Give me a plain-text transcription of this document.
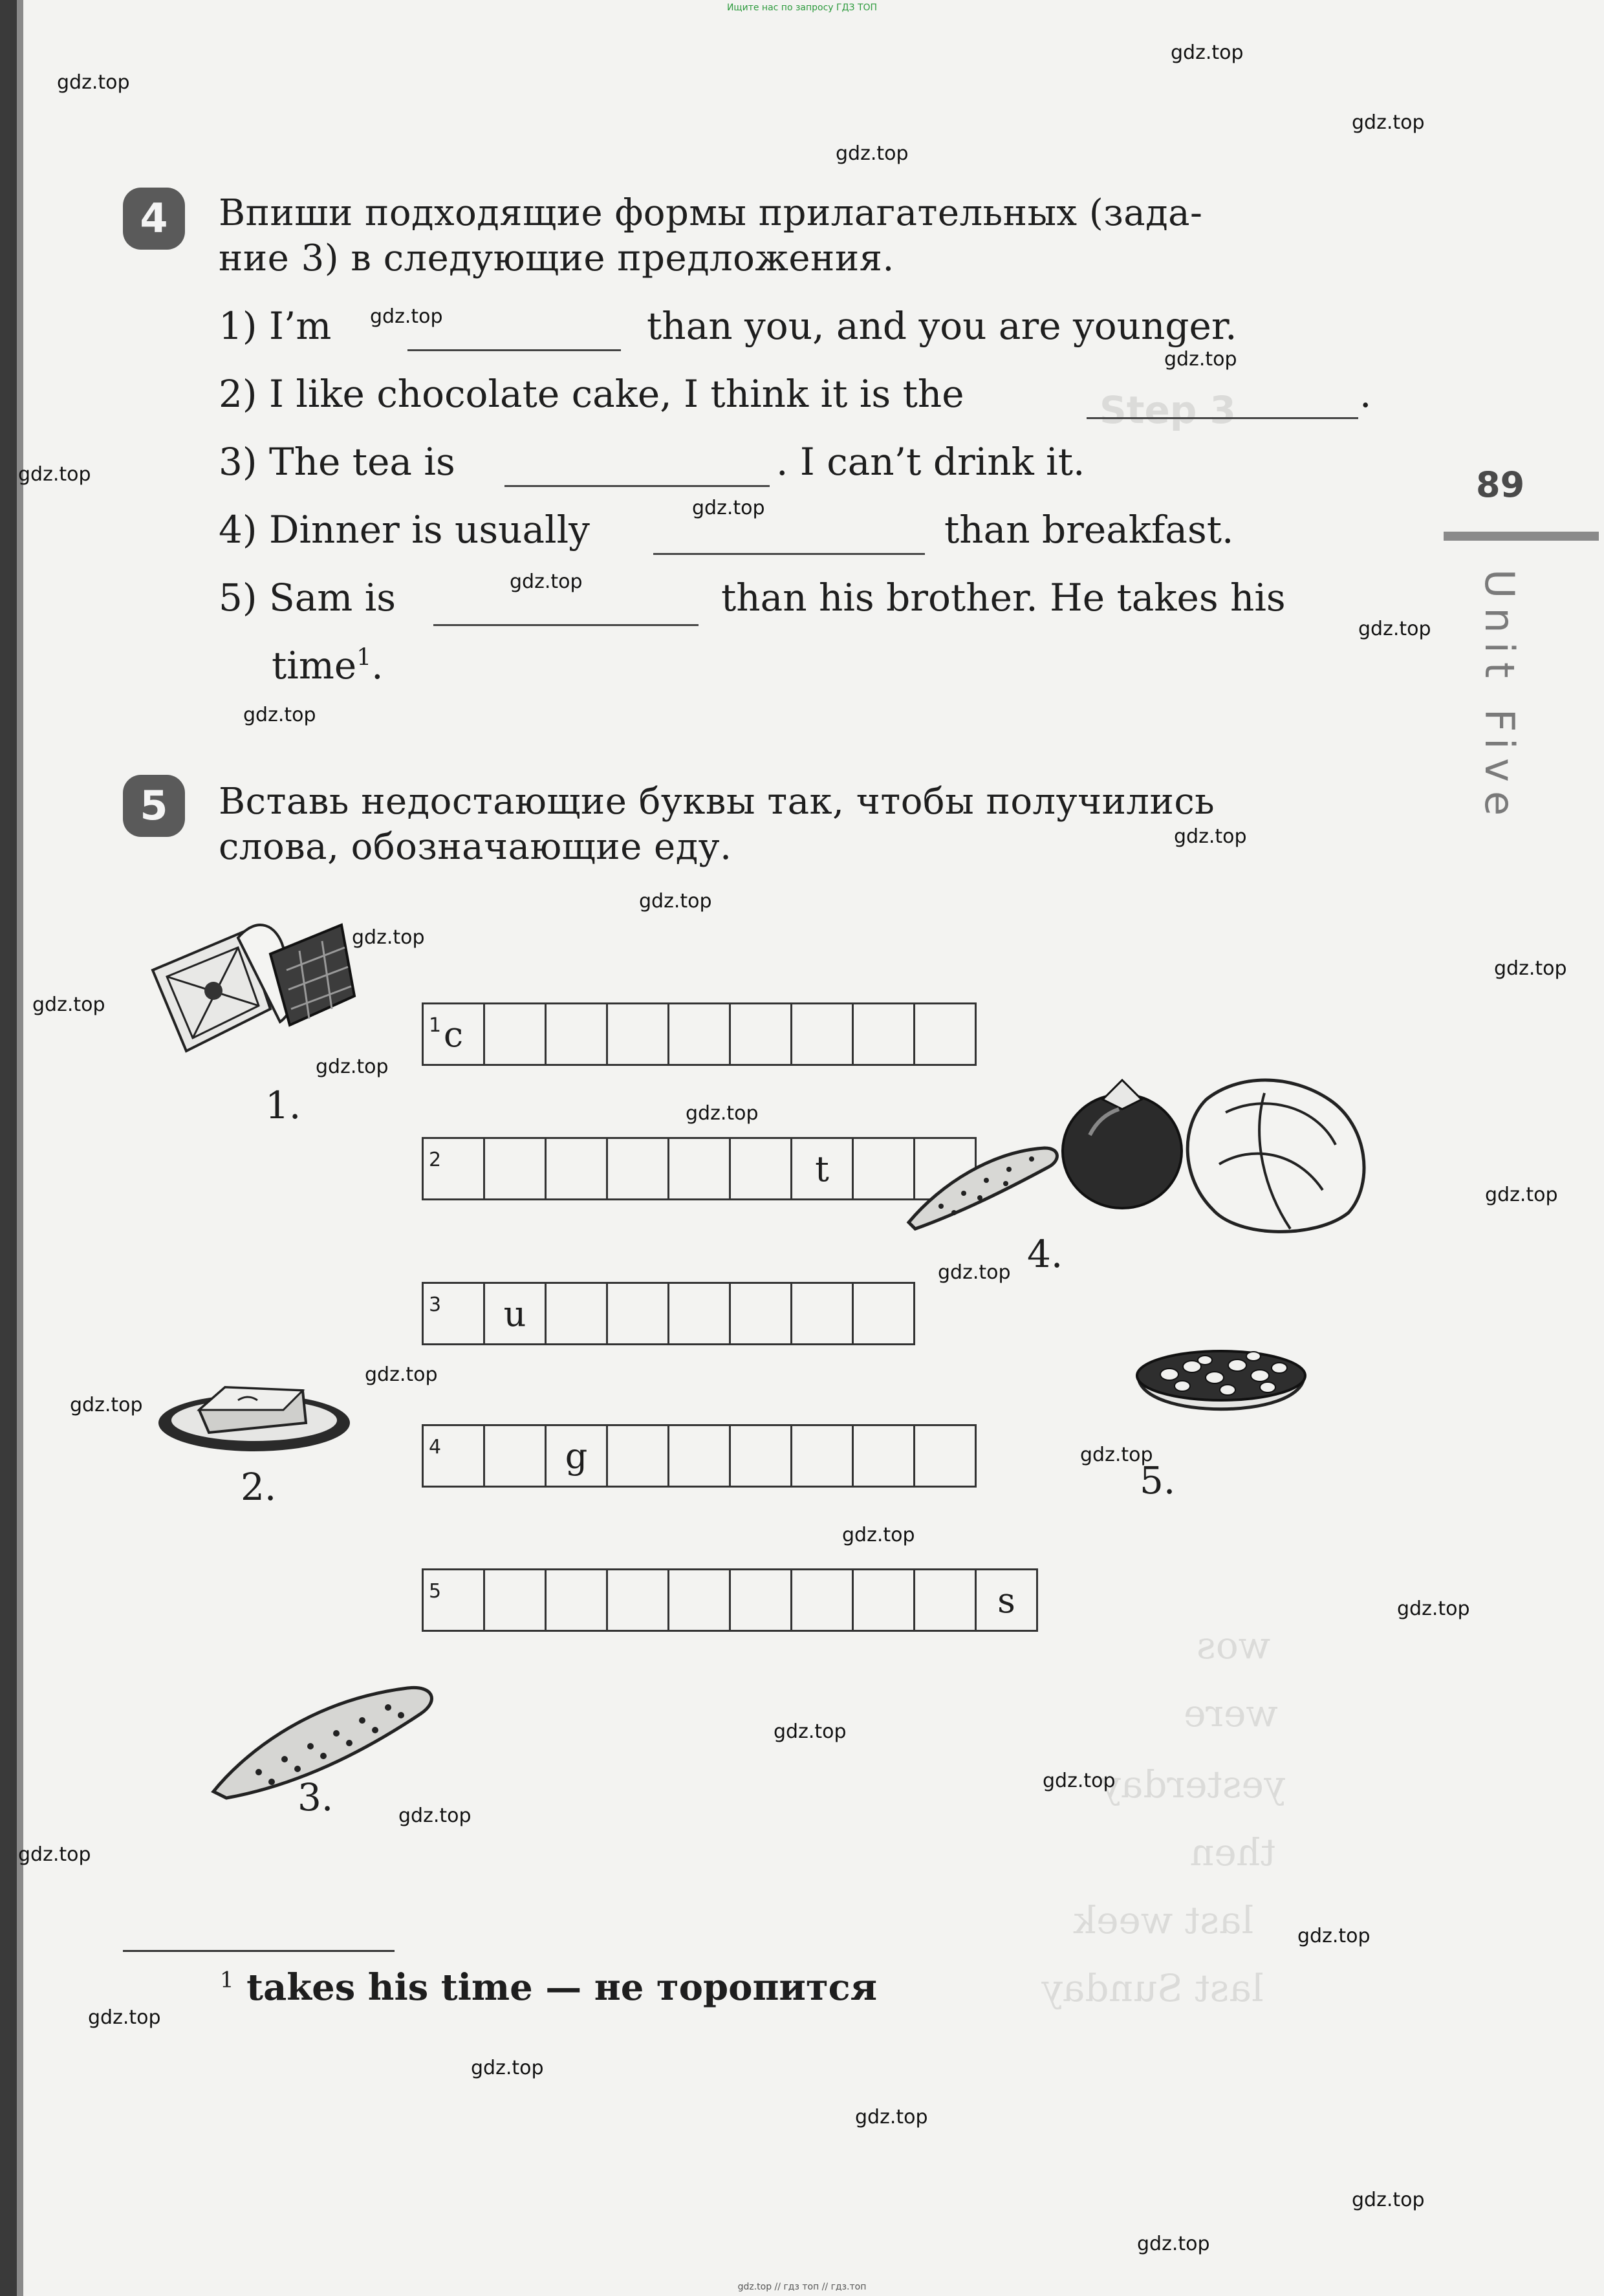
Ищите нас по запросу ГДЗ ТОП
Step 3
wos
were
yesterday
then
last week
last Sunday
89
Unit Five
4	Впиши подходящие формы прилагательных (зада-
ние 3) в следующие предложения.
1) I’m	than you, and you are younger.
2) I like chocolate cake, I think it is the	.
3) The tea is	. I can’t drink it.
4) Dinner is usually	than breakfast.
5) Sam is	than his brother. He takes his
time$^1$.
5	Вставь недостающие буквы так, чтобы получились
слова, обозначающие еду.
1 c
2	t
3	u
4	g
5	s
1.
2.
3.
4.
5.
$^1$ takes his time — не торопится
gdz.top
gdz.top
gdz.top
gdz.top
gdz.top
gdz.top
gdz.top
gdz.top
gdz.top
gdz.top
gdz.top
gdz.top
gdz.top
gdz.top
gdz.top
gdz.top
gdz.top
gdz.top
gdz.top
gdz.top
gdz.top
gdz.top
gdz.top
gdz.top
gdz.top
gdz.top
gdz.top
gdz.top
gdz.top
gdz.top
gdz.top
gdz.top
gdz.top
gdz.top
gdz.top
gdz.top // гдз топ // гдз.топ
